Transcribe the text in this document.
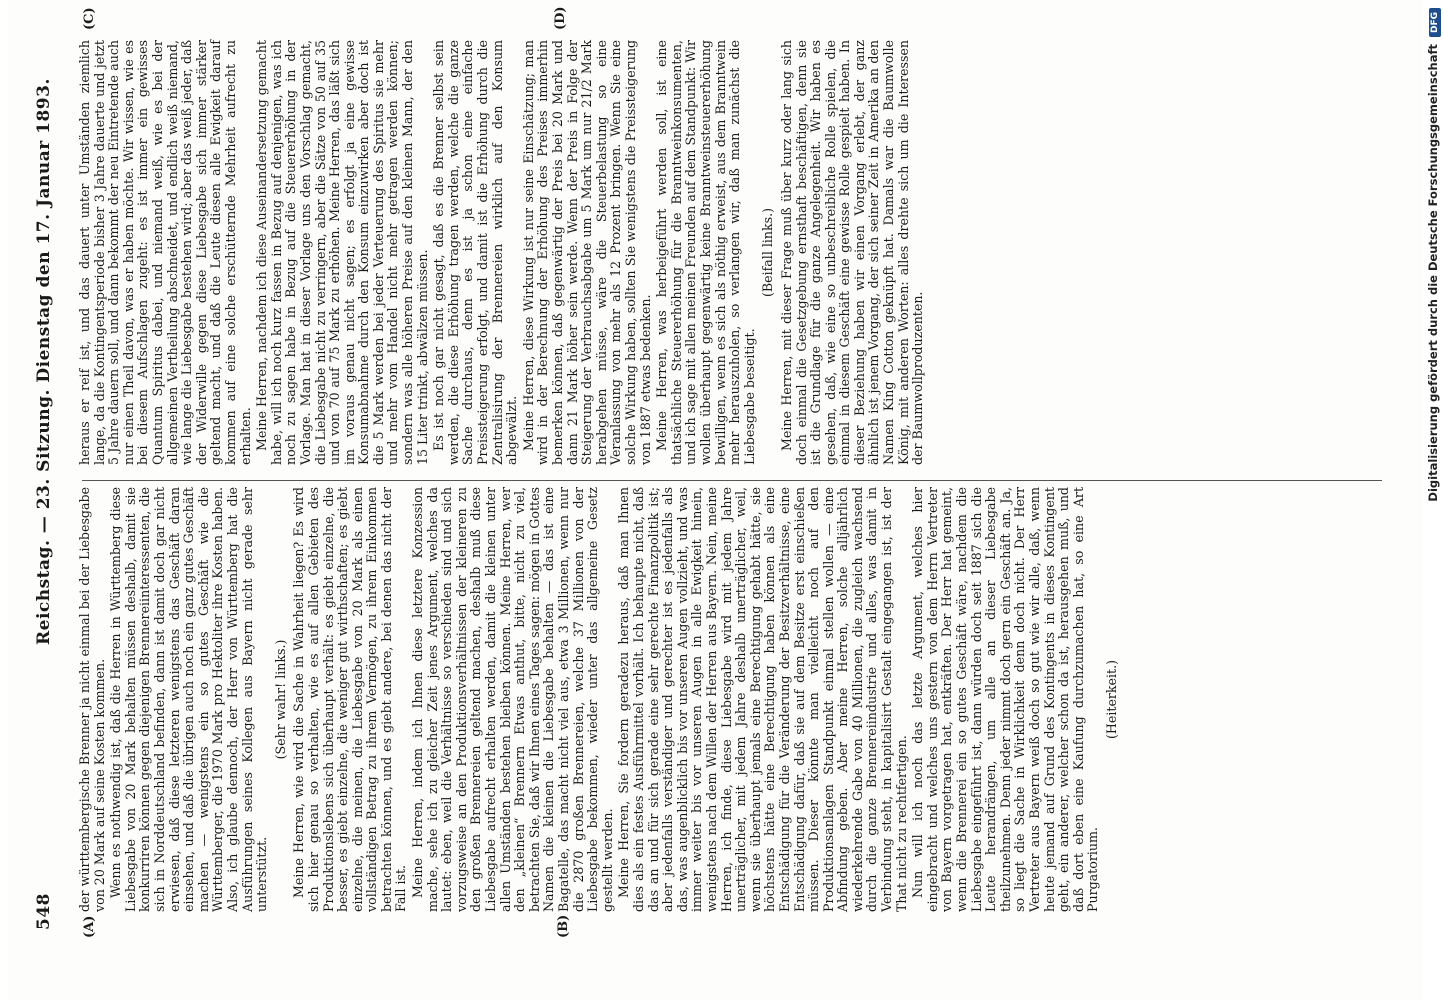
548
Reichstag. — 23. Sitzung. Dienstag den 17. Januar 1893.
(A)	(B)
(C)	(D)

der württembergische Brenner ja nicht einmal bei der Liebesgabe von 20 Mark auf seine Kosten kommen. Wenn es nothwendig ist, daß die Herren in Württemberg diese Liebesgabe von 20 Mark behalten müssen deshalb, damit sie konkurriren können gegen diejenigen Brennereiinteressenten, die sich in Norddeutschland befinden, dann ist damit doch gar nicht erwiesen, daß diese letzteren wenigstens das Geschäft daran einsehen, und daß die übrigen auch noch ein ganz gutes Geschäft machen — wenigstens ein so gutes Geschäft wie die Württemberger, die 1970 Mark pro Hektoliter ihre Kosten haben. Also, ich glaube dennoch, der Herr von Württemberg hat die Ausführungen seines Kollegen aus Bayern nicht gerade sehr unterstützt.

(Sehr wahr! links.) Meine Herren, wie wird die Sache in Wahrheit liegen? Es wird sich hier genau so verhalten, wie es auf allen Gebieten des Produktionslebens sich überhaupt verhält: es giebt einzelne, die besser, es giebt einzelne, die weniger gut wirthschaften; es giebt einzelne, die meinen, die Liebesgabe von 20 Mark als einen vollständigen Betrag zu ihrem Vermögen, zu ihrem Einkommen betrachten können, und es giebt andere, bei denen das nicht der Fall ist. Meine Herren, indem ich Ihnen diese letztere Konzession mache, sehe ich zu gleicher Zeit jenes Argument, welches da lautet: eben, weil die Verhältnisse so verschieden sind und sich vorzugsweise an den Produktionsverhältnissen der kleineren zu den großen Brennereien geltend machen, deshalb muß diese Liebesgabe aufrecht erhalten werden, damit die kleinen unter allen Umständen bestehen bleiben können. Meine Herren, wer den „kleinen“ Brennern Etwas anthut, bitte, nicht zu viel, betrachten Sie, daß wir Ihnen eines Tages sagen: mögen in Gottes Namen die kleinen die Liebesgabe behalten — das ist eine Bagatelle, das macht nicht viel aus, etwa 3 Millionen, wenn nur die 2870 großen Brennereien, welche 37 Millionen von der Liebesgabe bekommen, wieder unter das allgemeine Gesetz gestellt werden. Meine Herren, Sie fordern geradezu heraus, daß man Ihnen dies als ein festes Ausführmittel vorhält. Ich behaupte nicht, daß das an und für sich gerade eine sehr gerechte Finanzpolitik ist; aber jedenfalls verständiger und gerechter ist es jedenfalls als das, was augenblicklich bis vor unseren Augen vollzieht, und was immer weiter bis vor unseren Augen in alle Ewigkeit hinein, wenigstens nach dem Willen der Herren aus Bayern. Nein, meine Herren, ich finde, diese Liebesgabe wird mit jedem Jahre unerträglicher, mit jedem Jahre deshalb unerträglicher, weil, wenn sie überhaupt jemals eine Berechtigung gehabt hätte, sie höchstens hätte eine Berechtigung haben können als eine Entschädigung für die Veränderung der Besitzverhältnisse, eine Entschädigung dafür, daß sie auf dem Besitze erst einschießen müssen. Dieser könnte man vielleicht noch auf den Produktionsanlagen Standpunkt einmal stellen wollen — eine Abfindung geben. Aber meine Herren, solche alljährlich wiederkehrende Gabe von 40 Millionen, die zugleich wachsend durch die ganze Brennereiindustrie und alles, was damit in Verbindung steht, in kapitalisirt Gestalt eingegangen ist, ist der That nicht zu rechtfertigen. Nun will ich noch das letzte Argument, welches hier eingebracht und welches uns gestern von dem Herrn Vertreter von Bayern vorgetragen hat, entkräften. Der Herr hat gemeint, wenn die Brennerei ein so gutes Geschäft wäre, nachdem die Liebesgabe eingeführt ist, dann würden doch seit 1887 sich die Leute herandrängen, um alle an dieser Liebesgabe theilzunehmen. Denn jeder nimmt doch gern ein Geschäft an. Ja, so liegt die Sache in Wirklichkeit denn doch nicht. Der Herr Vertreter aus Bayern weiß doch so gut wie wir alle, daß, wenn heute jemand auf Grund des Kontingents in dieses Kontingent geht, ein anderer, welcher schon da ist, herausgehen muß, und daß dort eben eine Kaufung durchzumachen hat, so eine Art Purgatorium.

(Heiterkeit.)

heraus er reif ist, und das dauert unter Umständen ziemlich lange, da die Kontingentsperiode bisher 3 Jahre dauerte und jetzt 5 Jahre dauern soll, und dann bekommt der neu Eintretende auch nur einen Theil davon, was er haben möchte. Wir wissen, wie es bei diesem Aufschlagen zugeht: es ist immer ein gewisses Quantum Spiritus dabei, und niemand weiß, wie es bei der allgemeinen Vertheilung abschneidet, und endlich weiß niemand, wie lange die Liebesgabe bestehen wird; aber das weiß jeder, daß der Widerwille gegen diese Liebesgabe sich immer stärker geltend macht, und daß die Leute diesen alle Ewigkeit darauf kommen auf eine solche erschütternde Mehrheit aufrecht zu erhalten. Meine Herren, nachdem ich diese Auseinandersetzung gemacht habe, will ich noch kurz fassen in Bezug auf denjenigen, was ich noch zu sagen habe in Bezug auf die Steuererhöhung in der Vorlage. Man hat in dieser Vorlage uns den Vorschlag gemacht, die Liebesgabe nicht zu verringern, aber die Sätze von 50 auf 35 und von 70 auf 75 Mark zu erhöhen. Meine Herren, das läßt sich im voraus genau nicht sagen; es erfolgt ja eine gewisse Konsumabnahme durch den Konsum einzuwirken aber doch ist die 5 Mark werden bei jeder Verteuerung des Spiritus sie mehr und mehr vom Handel nicht mehr getragen werden können; sondern was alle höheren Preise auf den kleinen Mann, der den 15 Liter trinkt, abwälzen müssen. Es ist noch gar nicht gesagt, daß es die Brenner selbst sein werden, die diese Erhöhung tragen werden, welche die ganze Sache durchaus, denn es ist ja schon eine einfache Preissteigerung erfolgt, und damit ist die Erhöhung durch die Zentralisirung der Brennereien wirklich auf den Konsum abgewälzt. Meine Herren, diese Wirkung ist nur seine Einschätzung; man wird in der Berechnung der Erhöhung des Preises immerhin bemerken können, daß gegenwärtig der Preis bei 20 Mark und dann 21 Mark höher sein werde. Wenn der Preis in Folge der Steigerung der Verbrauchsabgabe um 5 Mark um nur 21/2 Mark herabgehen müsse, wäre die Steuerbelastung so eine Veranlassung von mehr als 12 Prozent bringen. Wenn Sie eine solche Wirkung haben, sollten Sie wenigstens die Preissteigerung von 1887 etwas bedenken. Meine Herren, was herbeigeführt werden soll, ist eine thatsächliche Steuererhöhung für die Branntweinkonsumenten, und ich sage mit allen meinen Freunden auf dem Standpunkt: Wir wollen überhaupt gegenwärtig keine Branntweinsteuererhöhung bewilligen, wenn es sich als nöthig erweist, aus dem Branntwein mehr herauszuholen, so verlangen wir, daß man zunächst die Liebesgabe beseitigt.

(Beifall links.) Meine Herren, mit dieser Frage muß über kurz oder lang sich doch einmal die Gesetzgebung ernsthaft beschäftigen, denn sie ist die Grundlage für die ganze Angelegenheit. Wir haben es gesehen, daß, wie eine so unbeschreibliche Rolle spielen, die einmal in diesem Geschäft eine gewisse Rolle gespielt haben. In dieser Beziehung haben wir einen Vorgang erlebt, der ganz ähnlich ist jenem Vorgang, der sich seiner Zeit in Amerika an den Namen King Cotton geknüpft hat. Damals war die Baumwolle König, mit anderen Worten: alles drehte sich um die Interessen der Baumwollproduzenten.	Digitalisierung gefördert durch die Deutsche Forschungsgemeinschaft DFG
